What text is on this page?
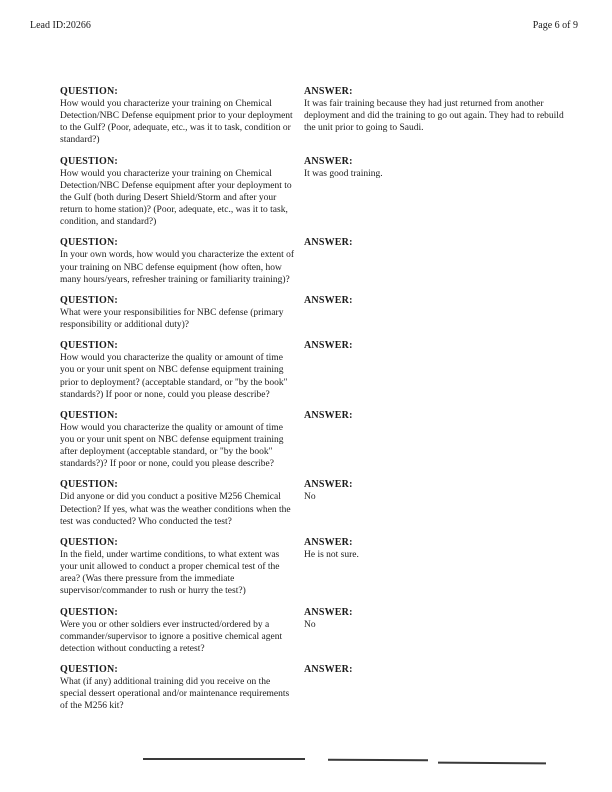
Lead ID:20266	Page 6 of 9
QUESTION:
How would you characterize your training on Chemical Detection/NBC Defense equipment prior to your deployment to the Gulf? (Poor, adequate, etc., was it to task, condition or standard?)
ANSWER:
It was fair training because they had just returned from another deployment and did the training to go out again. They had to rebuild the unit prior to going to Saudi.
QUESTION:
How would you characterize your training on Chemical Detection/NBC Defense equipment after your deployment to the Gulf (both during Desert Shield/Storm and after your return to home station)? (Poor, adequate, etc., was it to task, condition, and standard?)
ANSWER:
It was good training.
QUESTION:
In your own words, how would you characterize the extent of your training on NBC defense equipment (how often, how many hours/years, refresher training or familiarity training)?
ANSWER:
QUESTION:
What were your responsibilities for NBC defense (primary responsibility or additional duty)?
ANSWER:
QUESTION:
How would you characterize the quality or amount of time you or your unit spent on NBC defense equipment training prior to deployment? (acceptable standard, or "by the book" standards?) If poor or none, could you please describe?
ANSWER:
QUESTION:
How would you characterize the quality or amount of time you or your unit spent on NBC defense equipment training after deployment (acceptable standard, or "by the book" standards?)? If poor or none, could you please describe?
ANSWER:
QUESTION:
Did anyone or did you conduct a positive M256 Chemical Detection? If yes, what was the weather conditions when the test was conducted? Who conducted the test?
ANSWER:
No
QUESTION:
In the field, under wartime conditions, to what extent was your unit allowed to conduct a proper chemical test of the area? (Was there pressure from the immediate supervisor/commander to rush or hurry the test?)
ANSWER:
He is not sure.
QUESTION:
Were you or other soldiers ever instructed/ordered by a commander/supervisor to ignore a positive chemical agent detection without conducting a retest?
ANSWER:
No
QUESTION:
What (if any) additional training did you receive on the special dessert operational and/or maintenance requirements of the M256 kit?
ANSWER:
